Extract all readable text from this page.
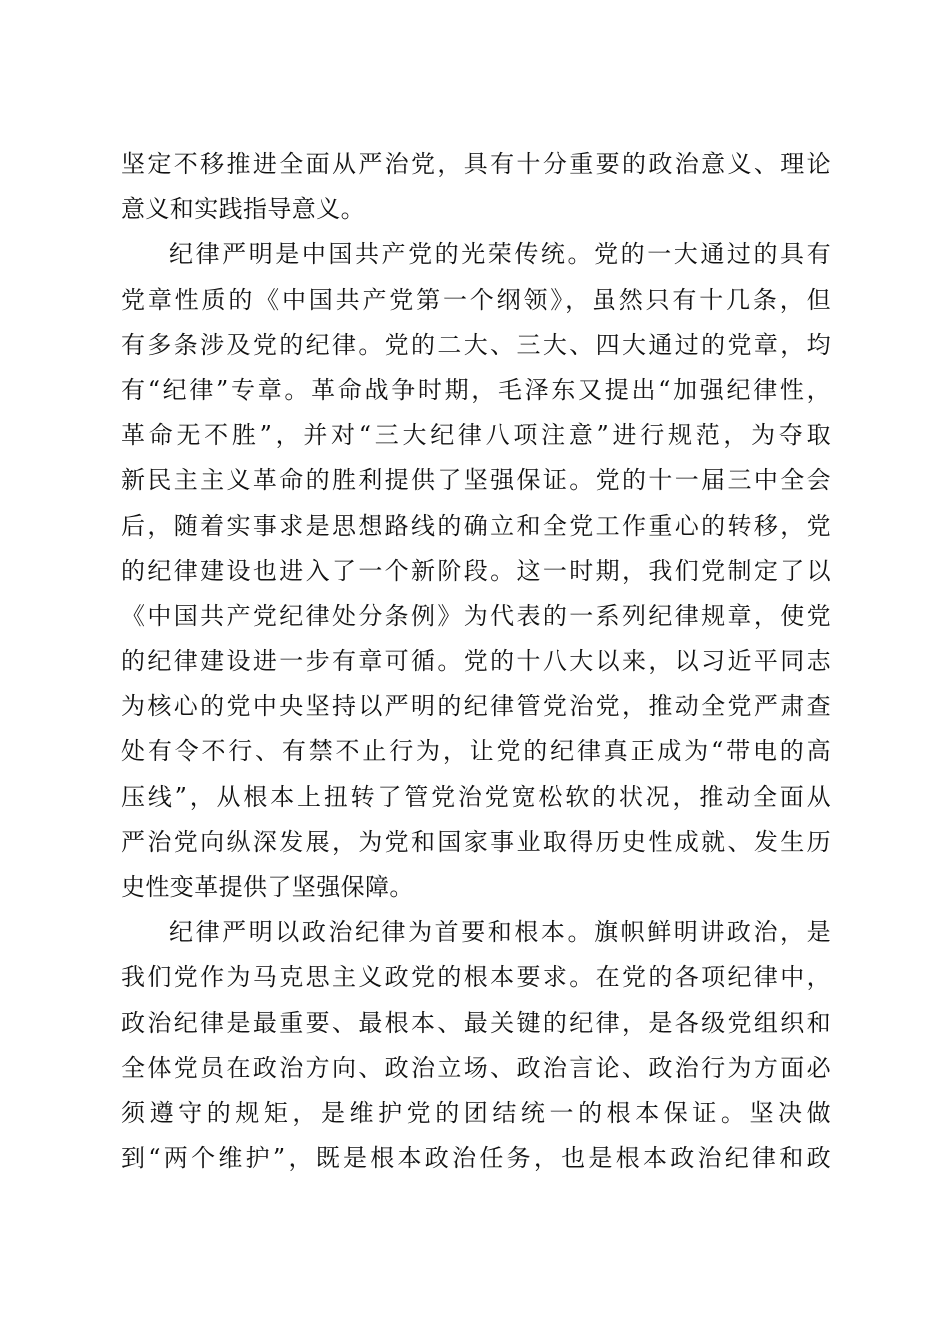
坚定不移推进全面从严治党，具有十分重要的政治意义、理论
意义和实践指导意义。
纪律严明是中国共产党的光荣传统。党的一大通过的具有
党章性质的《中国共产党第一个纲领》，虽然只有十几条，但
有多条涉及党的纪律。党的二大、三大、四大通过的党章，均
有“纪律”专章。革命战争时期，毛泽东又提出“加强纪律性，
革命无不胜”，并对“三大纪律八项注意”进行规范，为夺取
新民主主义革命的胜利提供了坚强保证。党的十一届三中全会
后，随着实事求是思想路线的确立和全党工作重心的转移，党
的纪律建设也进入了一个新阶段。这一时期，我们党制定了以
《中国共产党纪律处分条例》为代表的一系列纪律规章，使党
的纪律建设进一步有章可循。党的十八大以来，以习近平同志
为核心的党中央坚持以严明的纪律管党治党，推动全党严肃查
处有令不行、有禁不止行为，让党的纪律真正成为“带电的高
压线”，从根本上扭转了管党治党宽松软的状况，推动全面从
严治党向纵深发展，为党和国家事业取得历史性成就、发生历
史性变革提供了坚强保障。
纪律严明以政治纪律为首要和根本。旗帜鲜明讲政治，是
我们党作为马克思主义政党的根本要求。在党的各项纪律中，
政治纪律是最重要、最根本、最关键的纪律，是各级党组织和
全体党员在政治方向、政治立场、政治言论、政治行为方面必
须遵守的规矩，是维护党的团结统一的根本保证。坚决做
到“两个维护”，既是根本政治任务，也是根本政治纪律和政
